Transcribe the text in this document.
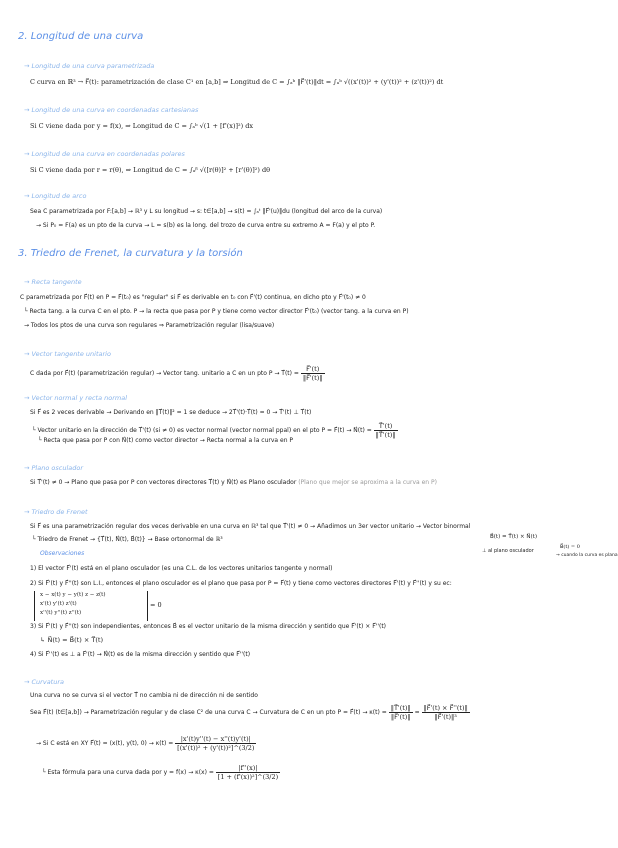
2. Longitud de una curva
→ Longitud de una curva parametrizada
C curva en ℝ³ → F⃗(t): parametrización de clase C¹ en [a,b] ⇒ Longitud de C = ∫ₐᵇ ‖F⃗'(t)‖dt = ∫ₐᵇ √((x'(t))² + (y'(t))² + (z'(t))²) dt
→ Longitud de una curva en coordenadas cartesianas
Si C viene dada por y = f(x), ⇒ Longitud de C = ∫ₐᵇ √(1 + [f'(x)]²) dx
→ Longitud de una curva en coordenadas polares
Si C viene dada por r = r(θ), ⇒ Longitud de C = ∫ₐᵝ √([r(θ)]² + [r'(θ)]²) dθ
→ Longitud de arco
Sea C parametrizada por F:[a,b] → ℝ³ y L su longitud → s: t∈[a,b] → s(t) = ∫ₐᵗ ‖F⃗'(u)‖du (longitud del arco de la curva)
→ Si P₀ = F(a) es un pto de la curva → L = s(b) es la long. del trozo de curva entre su extremo A = F(a) y el pto P.
3. Triedro de Frenet, la curvatura y la torsión
→ Recta tangente
C parametrizada por F⃗(t) en P = F⃗(t₀) es "regular" si F⃗ es derivable en t₀ con F⃗'(t) continua, en dicho pto y F⃗'(t₀) ≠ 0
└ Recta tang. a la curva C en el pto. P → la recta que pasa por P y tiene como vector director F⃗'(t₀) (vector tang. a la curva en P)
→ Todos los ptos de una curva son regulares ⇒ Parametrización regular (lisa/suave)
→ Vector tangente unitario
C dada por F⃗(t) (parametrización regular) → Vector tang. unitario a C en un pto P → T⃗(t) = $\frac{F⃗'(t)}{‖F⃗'(t)‖}$
→ Vector normal y recta normal
Si F⃗ es 2 veces derivable → Derivando en ‖T⃗(t)‖² = 1 se deduce → 2T⃗'(t)·T⃗(t) = 0 → T⃗'(t) ⊥ T⃗(t)
└ Vector unitario en la dirección de T⃗'(t) (si ≠ 0) es vector normal (vector normal ppal) en el pto P = F⃗(t) → N⃗(t) = $\frac{T⃗'(t)}{‖T⃗'(t)‖}$
└ Recta que pasa por P con N⃗(t) como vector director → Recta normal a la curva en P
→ Plano osculador
Si T⃗'(t) ≠ 0 → Plano que pasa por P con vectores directores T⃗(t) y N⃗(t) es Plano osculador (Plano que mejor se aproxima a la curva en P)
→ Triedro de Frenet
Si F⃗ es una parametrización regular dos veces derivable en una curva en ℝ³ tal que T⃗'(t) ≠ 0 → Añadimos un 3er vector unitario → Vector binormal
└ Triedro de Frenet → {T⃗(t), N⃗(t), B⃗(t)} → Base ortonormal de ℝ³
Observaciones
B⃗(t) = T⃗(t) × N⃗(t)
⊥ al plano osculador
B⃗(t) = 0
→ cuando la curva es plana
1) El vector F⃗'(t) está en el plano osculador (es una C.L. de los vectores unitarios tangente y normal)
2) Si F⃗'(t) y F⃗''(t) son L.I., entonces el plano osculador es el plano que pasa por P = F⃗(t) y tiene como vectores directores F⃗'(t) y F⃗''(t) y su ec:
x − x(t) y − y(t) z − z(t)
x'(t) y'(t) z'(t)
x''(t) y''(t) z''(t)
= 0
3) Si F⃗'(t) y F⃗''(t) son independientes, entonces B⃗ es el vector unitario de la misma dirección y sentido que F⃗'(t) × F⃗''(t)
↳ N⃗(t) = B⃗(t) × T⃗(t)
4) Si F⃗''(t) es ⊥ a F⃗'(t) → N⃗(t) es de la misma dirección y sentido que F⃗''(t)
→ Curvatura
Una curva no se curva si el vector T⃗ no cambia ni de dirección ni de sentido
Sea F⃗(t) (t∈[a,b]) → Parametrización regular y de clase C² de una curva C → Curvatura de C en un pto P = F⃗(t) → $\kappa(t) = \frac{‖T⃗'(t)‖}{‖F⃗'(t)‖} = \frac{‖F⃗'(t) \times F⃗''(t)‖}{\text{‖F⃗'(t)‖³}}$
→ Si C está en XY F⃗(t) = (x(t), y(t), $0) \to \kappa(t) = \frac{|x'(t)y''(t) - x''(t)y'(t)|}{\text{[(x'(t))² + (y'(t))²]\textasciicircum{}(3/2)}}$
└ Esta fórmula para una curva dada por $y = f(x) \to \kappa(x) = \frac{|f''(x)|}{\text{[1 + (f'(x))²]\textasciicircum{}(3/2)}}$
